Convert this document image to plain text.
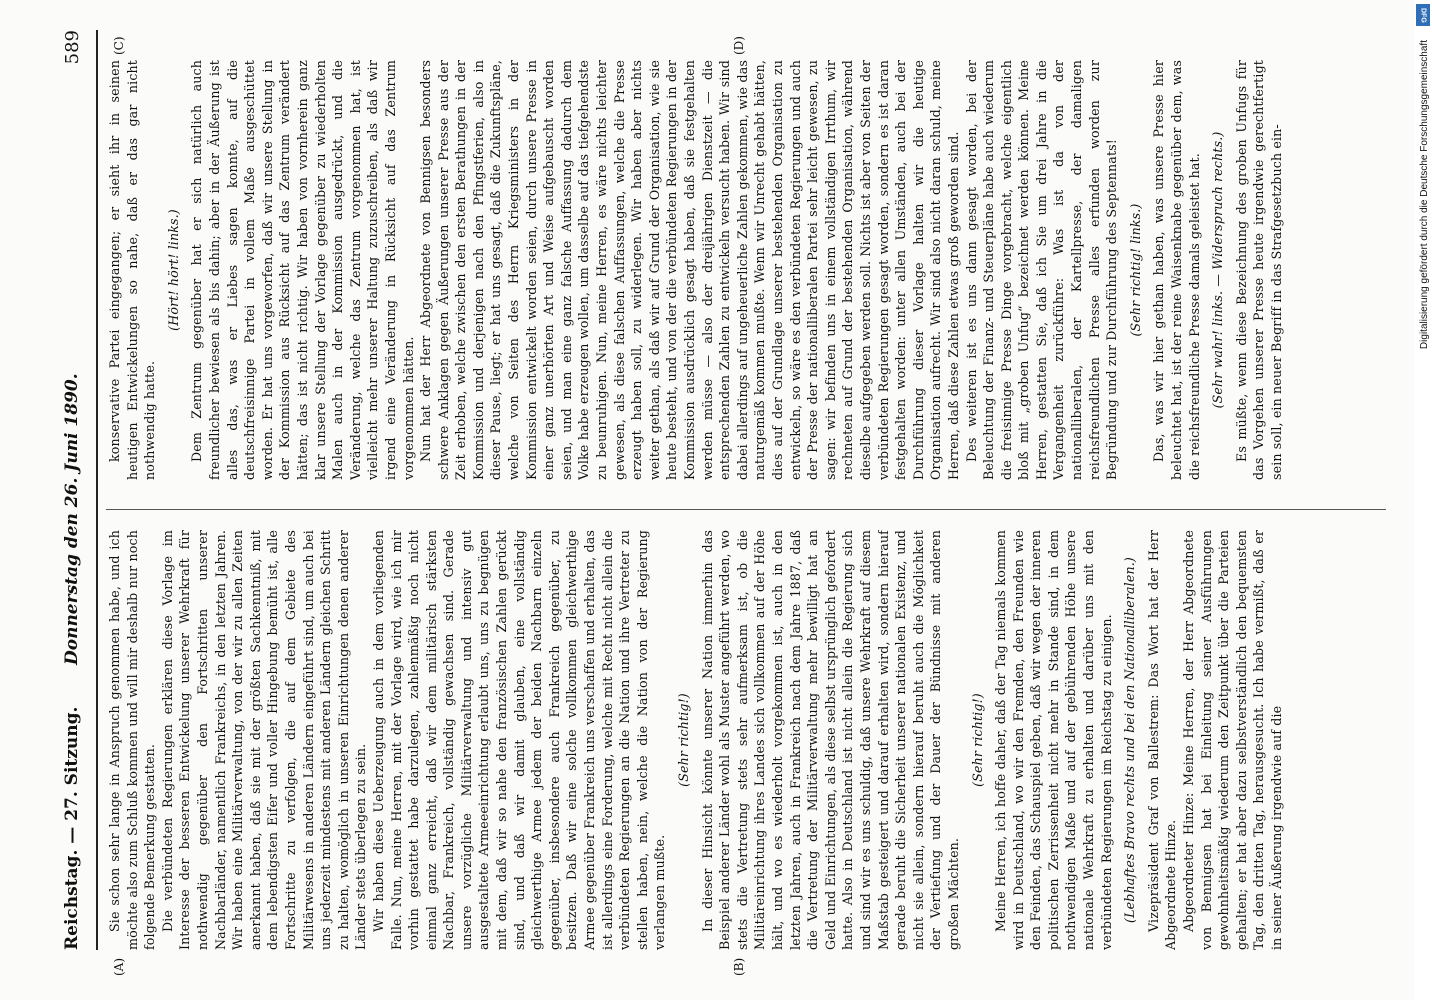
Reichstag. — 27. Sitzung.
Donnerstag den 26. Juni 1890.
589
(A)	(B)
(C)	(D)

Sie schon sehr lange in Anspruch genommen habe, und ich möchte also zum Schluß kommen und will mir deshalb nur noch folgende Bemerkung gestatten. Die verbündeten Regierungen erklären diese Vorlage im Interesse der besseren Entwickelung unserer Wehrkraft für nothwendig gegenüber den Fortschritten unserer Nachbarländer, namentlich Frankreichs, in den letzten Jahren. Wir haben eine Militärverwaltung, von der wir zu allen Zeiten anerkannt haben, daß sie mit der größten Sachkenntniß, mit dem lebendigsten Eifer und voller Hingebung bemüht ist, alle Fortschritte zu verfolgen, die auf dem Gebiete des Militärwesens in anderen Ländern eingeführt sind, um auch bei uns jederzeit mindestens mit anderen Ländern gleichen Schritt zu halten, womöglich in unseren Einrichtungen denen anderer Länder stets überlegen zu sein. Wir haben diese Ueberzeugung auch in dem vorliegenden Falle. Nun, meine Herren, mit der Vorlage wird, wie ich mir vorhin gestattet habe darzulegen, zahlenmäßig noch nicht einmal ganz erreicht, daß wir dem militärisch stärksten Nachbar, Frankreich, vollständig gewachsen sind. Gerade unsere vorzügliche Militärverwaltung und intensiv gut ausgestaltete Armeeeinrichtung erlaubt uns, uns zu begnügen mit dem, daß wir so nahe den französischen Zahlen gerückt sind, und daß wir damit glauben, eine vollständig gleichwerthige Armee jedem der beiden Nachbarn einzeln gegenüber, insbesondere auch Frankreich gegenüber, zu besitzen. Daß wir eine solche vollkommen gleichwerthige Armee gegenüber Frankreich uns verschaffen und erhalten, das ist allerdings eine Forderung, welche mit Recht nicht allein die verbündeten Regierungen an die Nation und ihre Vertreter zu stellen haben, nein, welche die Nation von der Regierung verlangen mußte.

(Sehr richtig!) In dieser Hinsicht könnte unserer Nation immerhin das Beispiel anderer Länder wohl als Muster angeführt werden, wo stets die Vertretung stets sehr aufmerksam ist, ob die Militäreinrichtung ihres Landes sich vollkommen auf der Höhe hält, und wo es wiederholt vorgekommen ist, auch in den letzten Jahren, auch in Frankreich nach dem Jahre 1887, daß die Vertretung der Militärverwaltung mehr bewilligt hat an Geld und Einrichtungen, als diese selbst ursprünglich gefordert hatte. Also in Deutschland ist nicht allein die Regierung sich und sind wir es uns schuldig, daß unsere Wehrkraft auf diesem Maßstab gesteigert und darauf erhalten wird, sondern hierauf gerade beruht die Sicherheit unserer nationalen Existenz, und nicht sie allein, sondern hierauf beruht auch die Möglichkeit der Vertiefung und der Dauer der Bündnisse mit anderen großen Mächten.

(Sehr richtig!) Meine Herren, ich hoffe daher, daß der Tag niemals kommen wird in Deutschland, wo wir den Fremden, den Freunden wie den Feinden, das Schauspiel geben, daß wir wegen der inneren politischen Zerrissenheit nicht mehr in Stande sind, in dem nothwendigen Maße und auf der gebührenden Höhe unsere nationale Wehrkraft zu erhalten und darüber uns mit den verbündeten Regierungen im Reichstag zu einigen. (Lebhaftes Bravo rechts und bei den Nationalliberalen.) Vizepräsident Graf von Ballestrem: Das Wort hat der Herr Abgeordnete Hinze. Abgeordneter Hinze: Meine Herren, der Herr Abgeordnete von Bennigsen hat bei Einleitung seiner Ausführungen gewohnheitsmäßig wiederum den Zeitpunkt über die Parteien gehalten; er hat aber dazu selbstverständlich den bequemsten Tag, den dritten Tag, herausgesucht. Ich habe vermißt, daß er in seiner Äußerung irgendwie auf die

konservative Partei eingegangen; er sieht ihr in seinen heutigen Entwickelungen so nahe, daß er das gar nicht nothwendig hatte.

(Hört! hört! links.) Dem Zentrum gegenüber hat er sich natürlich auch freundlicher bewiesen als bis dahin; aber in der Äußerung ist alles das, was er Liebes sagen konnte, auf die deutschfreisinnige Partei in vollem Maße ausgeschüttet worden. Er hat uns vorgeworfen, daß wir unsere Stellung in der Kommission aus Rücksicht auf das Zentrum verändert hätten; das ist nicht richtig. Wir haben von vornherein ganz klar unsere Stellung der Vorlage gegenüber zu wiederholten Malen auch in der Kommission ausgedrückt, und die Veränderung, welche das Zentrum vorgenommen hat, ist vielleicht mehr unserer Haltung zuzuschreiben, als daß wir irgend eine Veränderung in Rücksicht auf das Zentrum vorgenommen hätten. Nun hat der Herr Abgeordnete von Bennigsen besonders schwere Anklagen gegen Äußerungen unserer Presse aus der Zeit erhoben, welche zwischen den ersten Berathungen in der Kommission und derjenigen nach den Pfingstferien, also in dieser Pause, liegt; er hat uns gesagt, daß die Zukunftspläne, welche von Seiten des Herrn Kriegsministers in der Kommission entwickelt worden seien, durch unsere Presse in einer ganz unerhörten Art und Weise aufgebauscht worden seien, und man eine ganz falsche Auffassung dadurch dem Volke habe erzeugen wollen, um dasselbe auf das tiefgehendste zu beunruhigen. Nun, meine Herren, es wäre nichts leichter gewesen, als diese falschen Auffassungen, welche die Presse erzeugt haben soll, zu widerlegen. Wir haben aber nichts weiter gethan, als daß wir auf Grund der Organisation, wie sie heute besteht, und von der die verbündeten Regierungen in der Kommission ausdrücklich gesagt haben, daß sie festgehalten werden müsse — also der dreijährigen Dienstzeit — die entsprechenden Zahlen zu entwickeln versucht haben. Wir sind dabei allerdings auf ungeheuerliche Zahlen gekommen, wie das naturgemäß kommen mußte. Wenn wir Unrecht gehabt hätten, dies auf der Grundlage unserer bestehenden Organisation zu entwickeln, so wäre es den verbündeten Regierungen und auch der Presse der nationalliberalen Partei sehr leicht gewesen, zu sagen: wir befinden uns in einem vollständigen Irrthum, wir rechneten auf Grund der bestehenden Organisation, während dieselbe aufgegeben werden soll. Nichts ist aber von Seiten der verbündeten Regierungen gesagt worden, sondern es ist daran festgehalten worden: unter allen Umständen, auch bei der Durchführung dieser Vorlage halten wir die heutige Organisation aufrecht. Wir sind also nicht daran schuld, meine Herren, daß diese Zahlen etwas groß geworden sind. Des weiteren ist es uns dann gesagt worden, bei der Beleuchtung der Finanz- und Steuerpläne habe auch wiederum die freisinnige Presse Dinge vorgebracht, welche eigentlich bloß mit „groben Unfug“ bezeichnet werden können. Meine Herren, gestatten Sie, daß ich Sie um drei Jahre in die Vergangenheit zurückführe: Was ist da von der nationalliberalen, der Kartellpresse, der damaligen reichsfreundlichen Presse alles erfunden worden zur Begründung und zur Durchführung des Septennats! (Sehr richtig! links.) Das, was wir hier gethan haben, was unsere Presse hier beleuchtet hat, ist der reine Waisenknabe gegenüber dem, was die reichsfreundliche Presse damals geleistet hat. (Sehr wahr! links. — Widerspruch rechts.) Es müßte, wenn diese Bezeichnung des groben Unfugs für das Vorgehen unserer Presse heute irgendwie gerechtfertigt sein soll, ein neuer Begriff in das Strafgesetzbuch ein-

DFG
Digitalisierung gefördert durch die Deutsche Forschungsgemeinschaft
